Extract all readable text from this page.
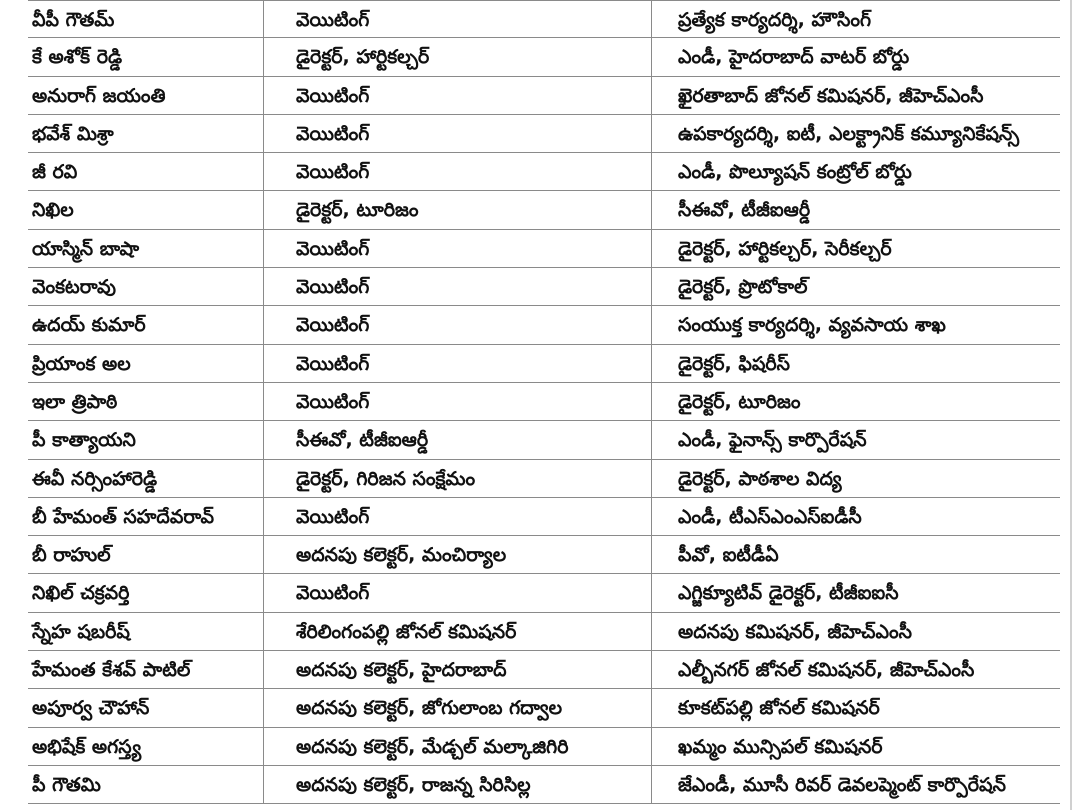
వీపీ గౌతమ్	వెయిటింగ్	ప్రత్యేక కార్యదర్శి, హౌసింగ్
కే అశోక్ రెడ్డి	డైరెక్టర్, హార్టికల్చర్	ఎండీ, హైదరాబాద్ వాటర్ బోర్డు
అనురాగ్ జయంతి	వెయిటింగ్	ఖైరతాబాద్ జోనల్ కమిషనర్, జీహెచ్ఎంసీ
భవేశ్ మిశ్రా	వెయిటింగ్	ఉపకార్యదర్శి, ఐటీ, ఎలక్ట్రానిక్ కమ్యూనికేషన్స్
జీ రవి	వెయిటింగ్	ఎండీ, పొల్యూషన్ కంట్రోల్ బోర్డు
నిఖిల	డైరెక్టర్, టూరిజం	సీఈవో, టీజీఐఆర్డీ
యాస్మిన్ బాషా	వెయిటింగ్	డైరెక్టర్, హార్టికల్చర్, సెరీకల్చర్
వెంకటరావు	వెయిటింగ్	డైరెక్టర్, ప్రొటోకాల్
ఉదయ్ కుమార్	వెయిటింగ్	సంయుక్త కార్యదర్శి, వ్యవసాయ శాఖ
ప్రియాంక అల	వెయిటింగ్	డైరెక్టర్, ఫిషరీస్
ఇలా త్రిపాఠి	వెయిటింగ్	డైరెక్టర్, టూరిజం
పీ కాత్యాయని	సీఈవో, టీజీఐఆర్డీ	ఎండీ, ఫైనాన్స్ కార్పొరేషన్
ఈవీ నర్సింహారెడ్డి	డైరెక్టర్, గిరిజన సంక్షేమం	డైరెక్టర్, పాఠశాల విద్య
బీ హేమంత్ సహదేవరావ్	వెయిటింగ్	ఎండీ, టీఎస్ఎంఎస్ఐడీసీ
బీ రాహుల్	అదనపు కలెక్టర్, మంచిర్యాల	పీవో, ఐటీడీఏ
నిఖిల్ చక్రవర్తి	వెయిటింగ్	ఎగ్జిక్యూటివ్ డైరెక్టర్, టీజీఐఐసీ
స్నేహ షబరీష్	శేరిలింగంపల్లి జోనల్ కమిషనర్	అదనపు కమిషనర్, జీహెచ్ఎంసీ
హేమంత కేశవ్ పాటిల్	అదనపు కలెక్టర్, హైదరాబాద్	ఎల్బీనగర్ జోనల్ కమిషనర్, జీహెచ్ఎంసీ
అపూర్వ చౌహాన్	అదనపు కలెక్టర్, జోగులాంబ గద్వాల	కూకట్‌పల్లి జోనల్ కమిషనర్
అభిషేక్ అగస్త్య	అదనపు కలెక్టర్, మేడ్చల్ మల్కాజిగిరి	ఖమ్మం మున్సిపల్ కమిషనర్
పీ గౌతమి	అదనపు కలెక్టర్, రాజన్న సిరిసిల్ల	జేఎండీ, మూసీ రివర్ డెవలప్మెంట్ కార్పొరేషన్
